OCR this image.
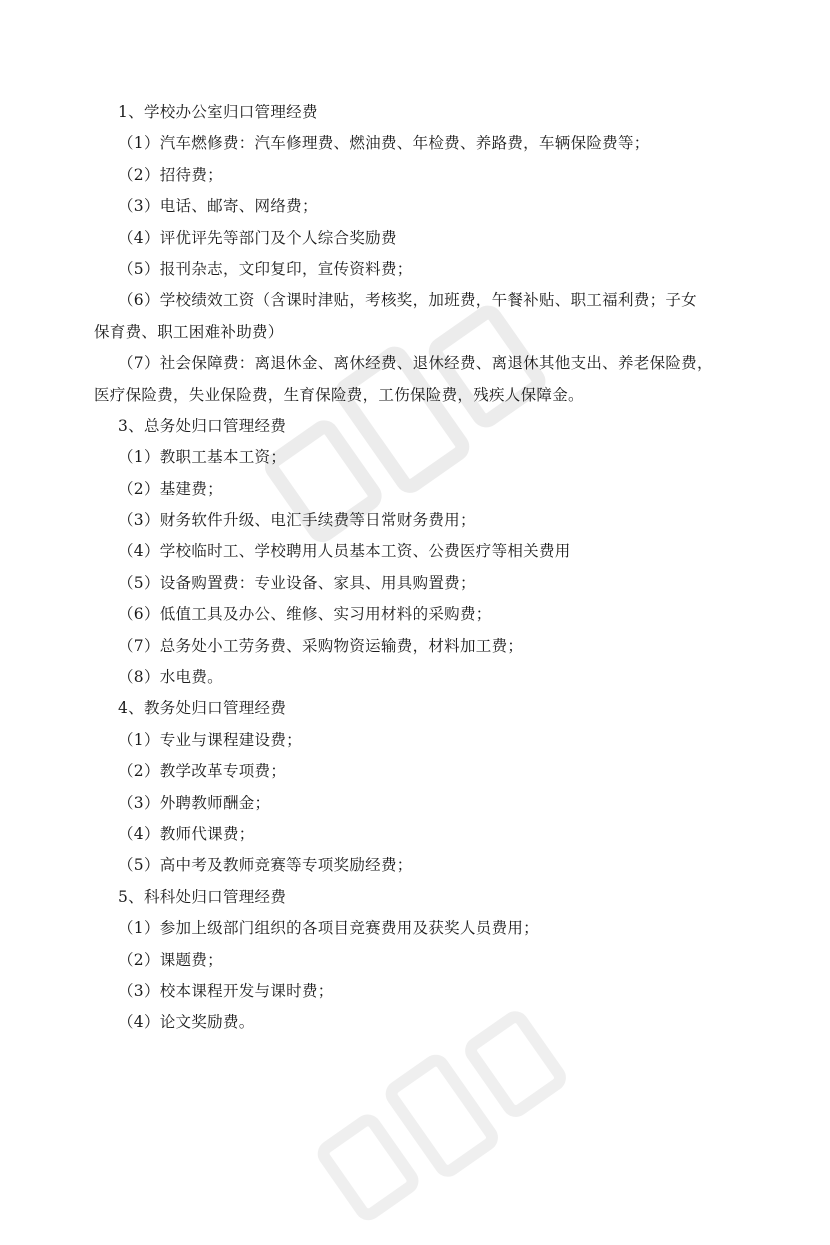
1、学校办公室归口管理经费
（1）汽车燃修费：汽车修理费、燃油费、年检费、养路费，车辆保险费等；
（2）招待费；
（3）电话、邮寄、网络费；
（4）评优评先等部门及个人综合奖励费
（5）报刊杂志，文印复印，宣传资料费；
（6）学校绩效工资（含课时津贴，考核奖，加班费，午餐补贴、职工福利费；子女
保育费、职工困难补助费）
（7）社会保障费：离退休金、离休经费、退休经费、离退休其他支出、养老保险费，
医疗保险费，失业保险费，生育保险费，工伤保险费，残疾人保障金。
3、总务处归口管理经费
（1）教职工基本工资；
（2）基建费；
（3）财务软件升级、电汇手续费等日常财务费用；
（4）学校临时工、学校聘用人员基本工资、公费医疗等相关费用
（5）设备购置费：专业设备、家具、用具购置费；
（6）低值工具及办公、维修、实习用材料的采购费；
（7）总务处小工劳务费、采购物资运输费，材料加工费；
（8）水电费。
4、教务处归口管理经费
（1）专业与课程建设费；
（2）教学改革专项费；
（3）外聘教师酬金；
（4）教师代课费；
（5）高中考及教师竞赛等专项奖励经费；
5、科科处归口管理经费
（1）参加上级部门组织的各项目竞赛费用及获奖人员费用；
（2）课题费；
（3）校本课程开发与课时费；
（4）论文奖励费。
